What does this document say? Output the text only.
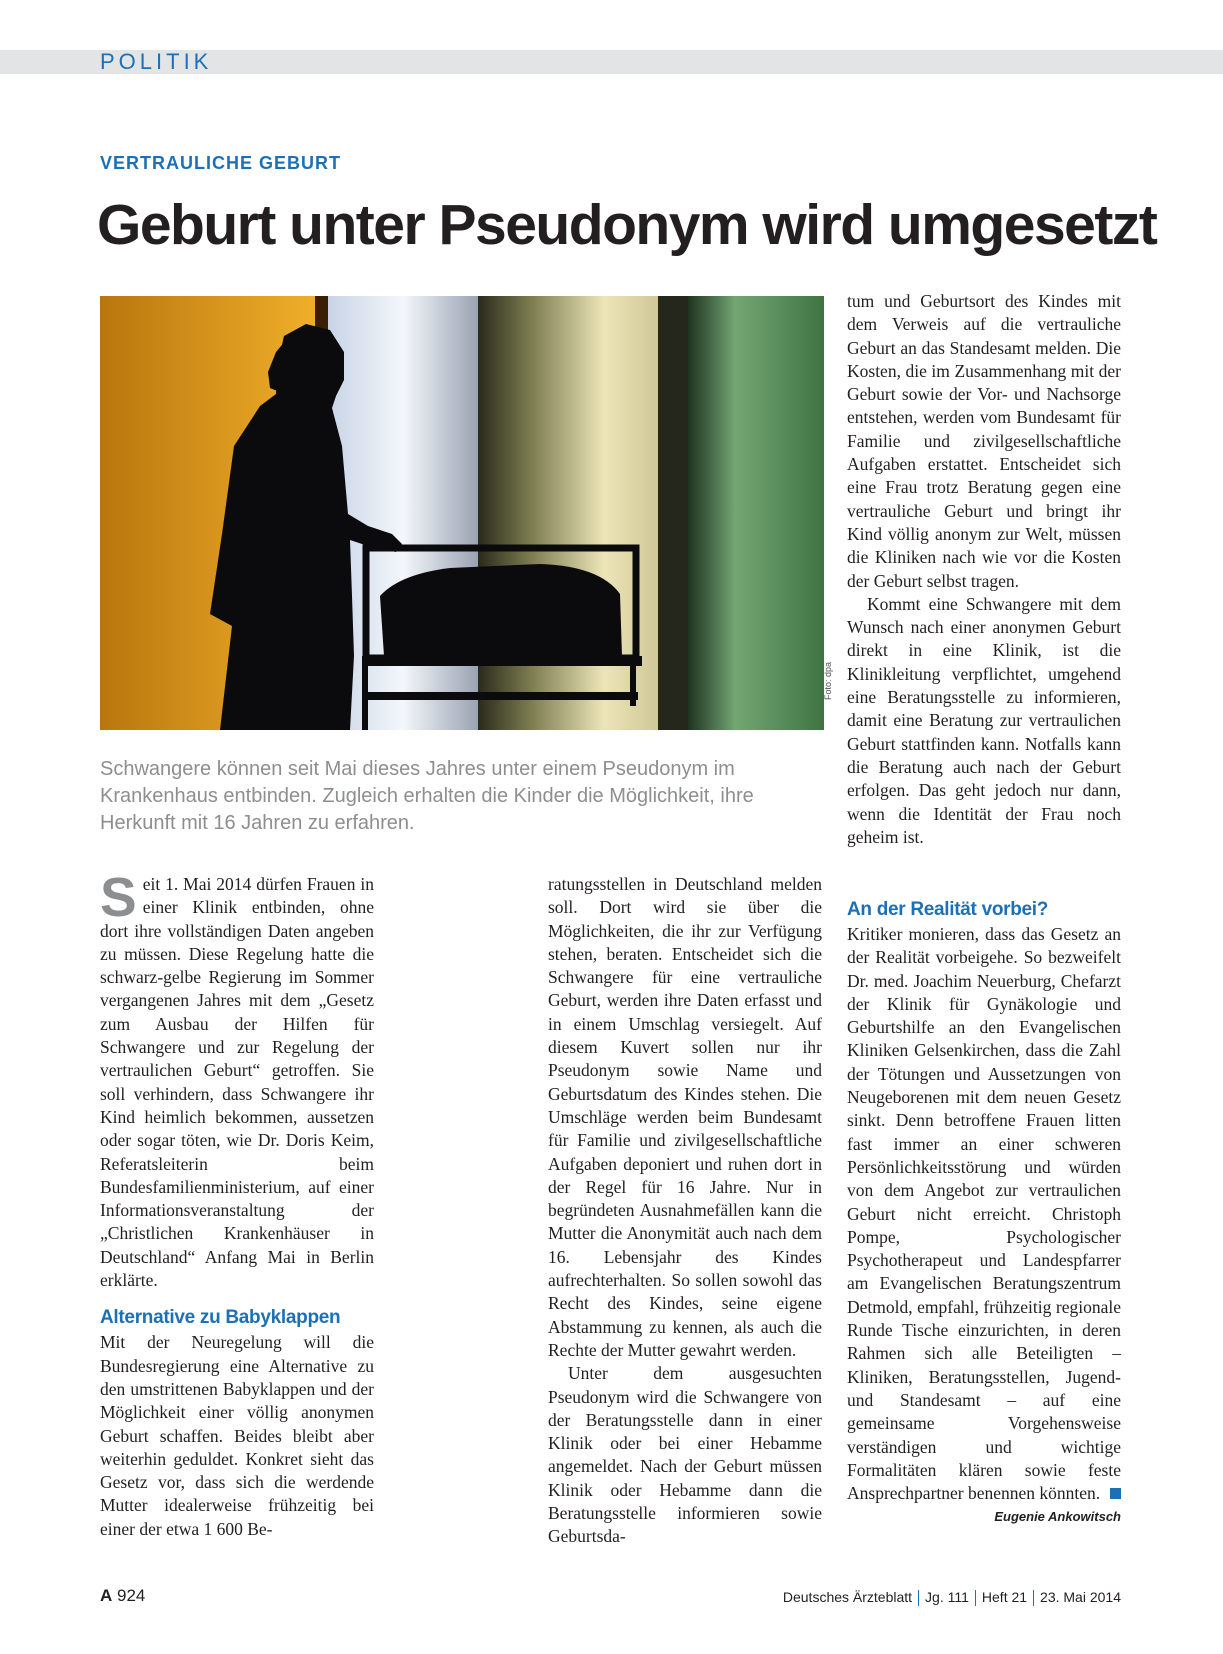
POLITIK
VERTRAULICHE GEBURT
Geburt unter Pseudonym wird umgesetzt
Foto: dpa

Schwangere können seit Mai dieses Jahres unter einem Pseudonym im Krankenhaus entbinden. Zugleich erhalten die Kinder die Möglichkeit, ihre Herkunft mit 16 Jahren zu erfahren.

Seit 1. Mai 2014 dürfen Frauen in einer Klinik entbinden, ohne dort ihre vollständigen Daten angeben zu müssen. Diese Regelung hatte die schwarz-gelbe Regierung im Sommer vergangenen Jahres mit dem „Gesetz zum Ausbau der Hilfen für Schwangere und zur Regelung der vertraulichen Geburt“ getroffen. Sie soll verhindern, dass Schwangere ihr Kind heimlich bekommen, aussetzen oder sogar töten, wie Dr. Doris Keim, Referatsleiterin beim Bundesfamilienministerium, auf einer Informationsveranstaltung der „Christlichen Krankenhäuser in Deutschland“ Anfang Mai in Berlin erklärte.

Alternative zu Babyklappen

Mit der Neuregelung will die Bundesregierung eine Alternative zu den umstrittenen Babyklappen und der Möglichkeit einer völlig anonymen Geburt schaffen. Beides bleibt aber weiterhin geduldet. Konkret sieht das Gesetz vor, dass sich die werdende Mutter idealerweise frühzeitig bei einer der etwa 1 600 Be-

ratungsstellen in Deutschland melden soll. Dort wird sie über die Möglichkeiten, die ihr zur Verfügung stehen, beraten. Entscheidet sich die Schwangere für eine vertrauliche Geburt, werden ihre Daten erfasst und in einem Umschlag versiegelt. Auf diesem Kuvert sollen nur ihr Pseudonym sowie Name und Geburtsdatum des Kindes stehen. Die Umschläge werden beim Bundesamt für Familie und zivilgesellschaftliche Aufgaben deponiert und ruhen dort in der Regel für 16 Jahre. Nur in begründeten Ausnahmefällen kann die Mutter die Anonymität auch nach dem 16. Lebensjahr des Kindes aufrechterhalten. So sollen sowohl das Recht des Kindes, seine eigene Abstammung zu kennen, als auch die Rechte der Mutter gewahrt werden.

Unter dem ausgesuchten Pseudonym wird die Schwangere von der Beratungsstelle dann in einer Klinik oder bei einer Hebamme angemeldet. Nach der Geburt müssen Klinik oder Hebamme dann die Beratungsstelle informieren sowie Geburtsda-

tum und Geburtsort des Kindes mit dem Verweis auf die vertrauliche Geburt an das Standesamt melden. Die Kosten, die im Zusammenhang mit der Geburt sowie der Vor- und Nachsorge entstehen, werden vom Bundesamt für Familie und zivilgesellschaftliche Aufgaben erstattet. Entscheidet sich eine Frau trotz Beratung gegen eine vertrauliche Geburt und bringt ihr Kind völlig anonym zur Welt, müssen die Kliniken nach wie vor die Kosten der Geburt selbst tragen.

Kommt eine Schwangere mit dem Wunsch nach einer anonymen Geburt direkt in eine Klinik, ist die Klinikleitung verpflichtet, umgehend eine Beratungsstelle zu informieren, damit eine Beratung zur vertraulichen Geburt stattfinden kann. Notfalls kann die Beratung auch nach der Geburt erfolgen. Das geht jedoch nur dann, wenn die Identität der Frau noch geheim ist.

An der Realität vorbei?

Kritiker monieren, dass das Gesetz an der Realität vorbeigehe. So bezweifelt Dr. med. Joachim Neuerburg, Chefarzt der Klinik für Gynäkologie und Geburtshilfe an den Evangelischen Kliniken Gelsenkirchen, dass die Zahl der Tötungen und Aussetzungen von Neugeborenen mit dem neuen Gesetz sinkt. Denn betroffene Frauen litten fast immer an einer schweren Persönlichkeitsstörung und würden von dem Angebot zur vertraulichen Geburt nicht erreicht. Christoph Pompe, Psychologischer Psychotherapeut und Landespfarrer am Evangelischen Beratungszentrum Detmold, empfahl, frühzeitig regionale Runde Tische einzurichten, in deren Rahmen sich alle Beteiligten – Kliniken, Beratungsstellen, Jugend- und Standesamt – auf eine gemeinsame Vorgehensweise verständigen und wichtige Formalitäten klären sowie feste Ansprechpartner benennen könnten.

Eugenie Ankowitsch
A 924	Deutsches Ärzteblatt Jg. 111 Heft 21 23. Mai 2014
